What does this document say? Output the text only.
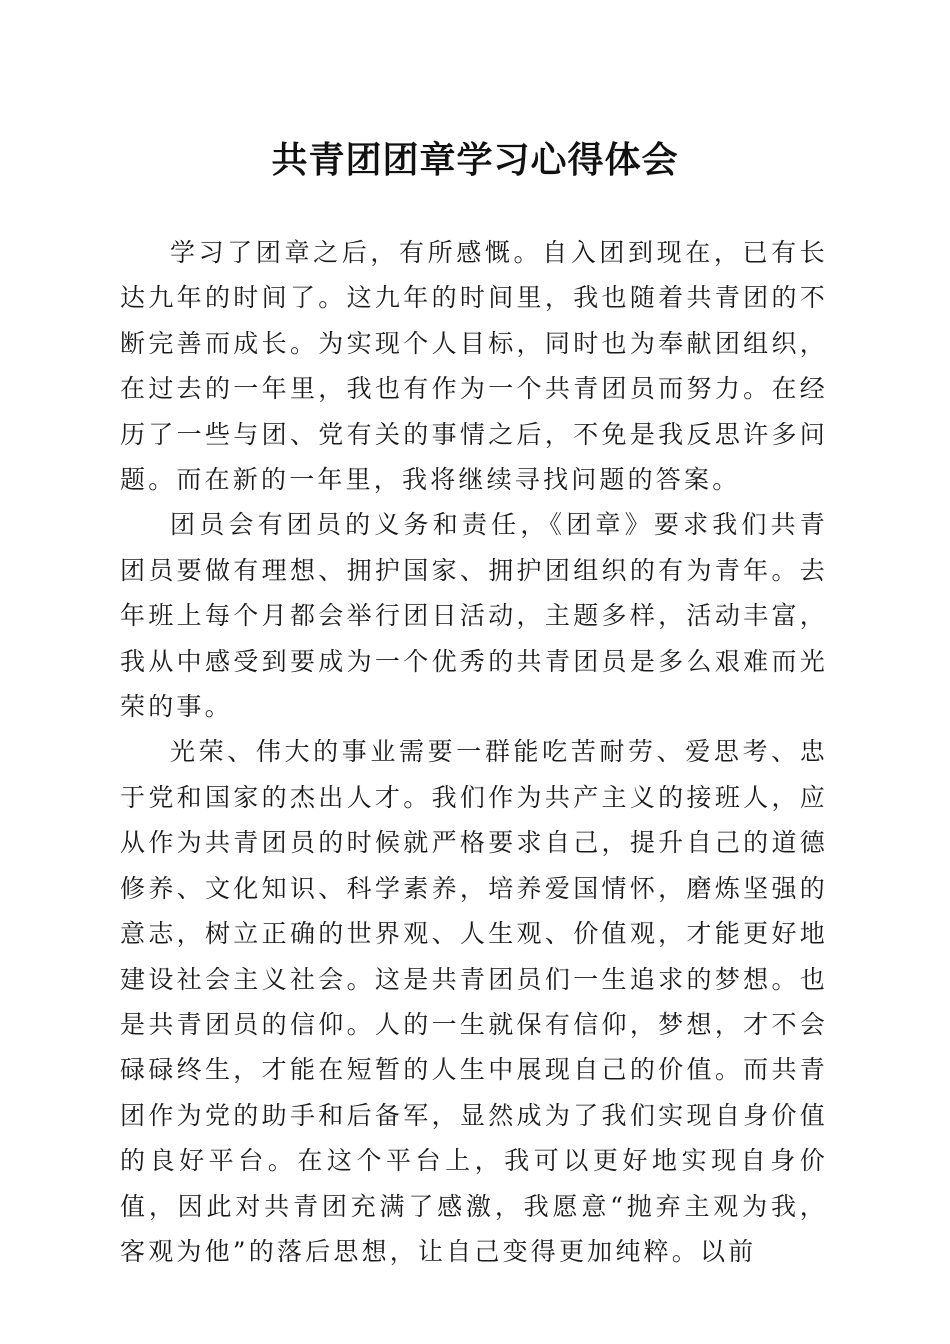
共青团团章学习心得体会

学习了团章之后，有所感慨。自入团到现在，已有长达九年的时间了。这九年的时间里，我也随着共青团的不断完善而成长。为实现个人目标，同时也为奉献团组织，在过去的一年里，我也有作为一个共青团员而努力。在经历了一些与团、党有关的事情之后，不免是我反思许多问题。而在新的一年里，我将继续寻找问题的答案。

团员会有团员的义务和责任，《团章》要求我们共青团员要做有理想、拥护国家、拥护团组织的有为青年。去年班上每个月都会举行团日活动，主题多样，活动丰富，我从中感受到要成为一个优秀的共青团员是多么艰难而光荣的事。

光荣、伟大的事业需要一群能吃苦耐劳、爱思考、忠于党和国家的杰出人才。我们作为共产主义的接班人，应从作为共青团员的时候就严格要求自己，提升自己的道德修养、文化知识、科学素养，培养爱国情怀，磨炼坚强的意志，树立正确的世界观、人生观、价值观，才能更好地建设社会主义社会。这是共青团员们一生追求的梦想。也是共青团员的信仰。人的一生就保有信仰，梦想，才不会碌碌终生，才能在短暂的人生中展现自己的价值。而共青团作为党的助手和后备军，显然成为了我们实现自身价值的良好平台。在这个平台上，我可以更好地实现自身价值，因此对共青团充满了感激，我愿意“抛弃主观为我，客观为他”的落后思想，让自己变得更加纯粹。以前
